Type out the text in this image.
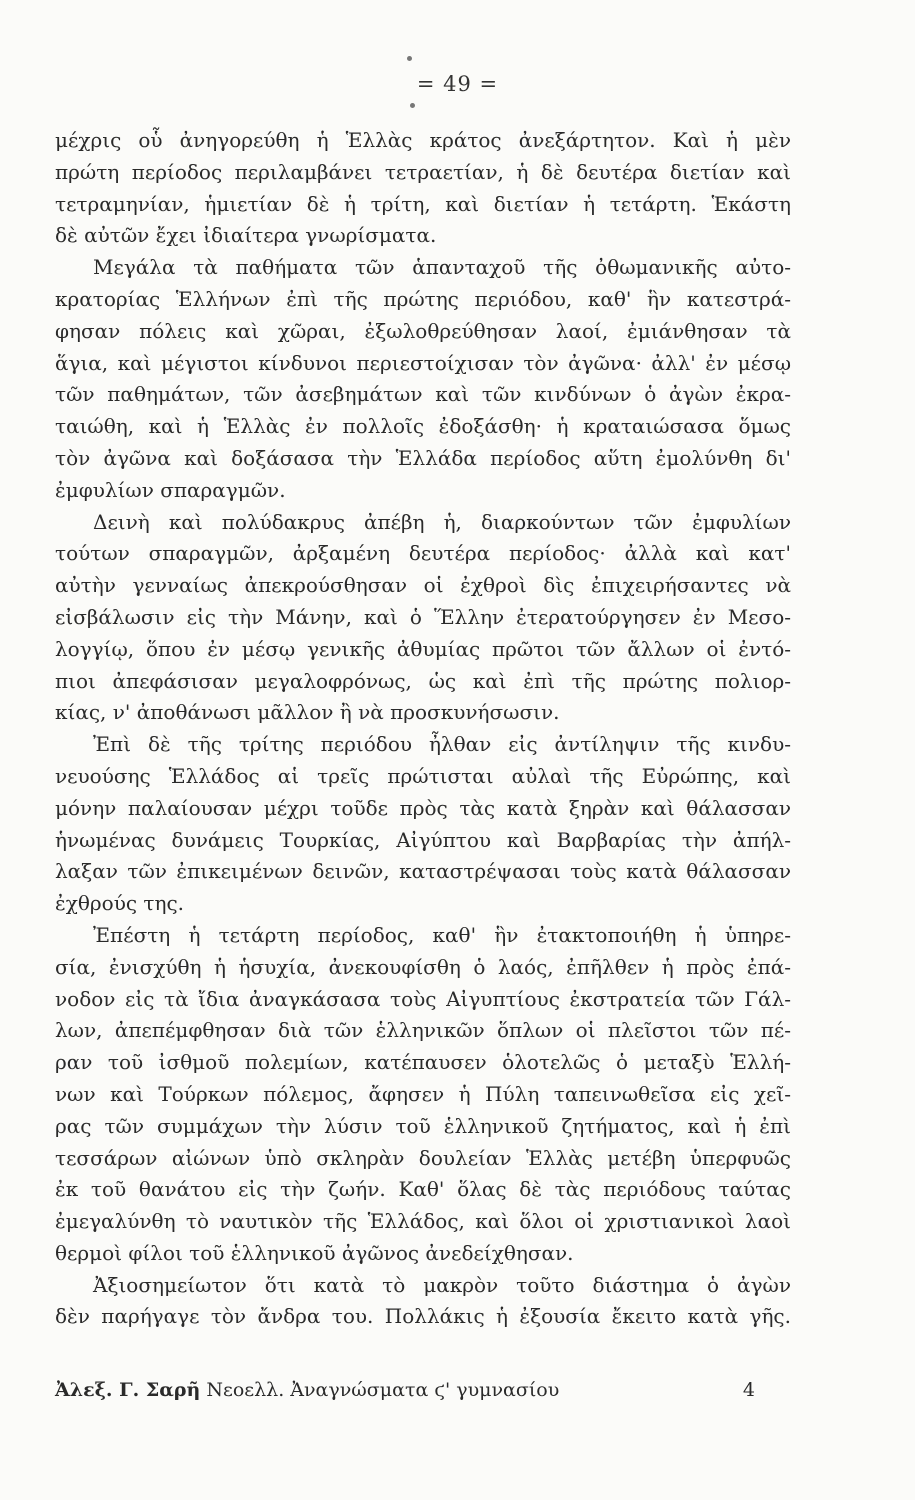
= 49 =
μέχρις οὗ ἀνηγορεύθη ἡ Ἑλλὰς κράτος ἀνεξάρτητον. Καὶ ἡ μὲν
πρώτη περίοδος περιλαμβάνει τετραετίαν, ἡ δὲ δευτέρα διετίαν καὶ
τετραμηνίαν, ἡμιετίαν δὲ ἡ τρίτη, καὶ διετίαν ἡ τετάρτη. Ἑκάστη
δὲ αὐτῶν ἔχει ἰδιαίτερα γνωρίσματα.
Μεγάλα τὰ παθήματα τῶν ἁπανταχοῦ τῆς ὀθωμανικῆς αὐτο-
κρατορίας Ἑλλήνων ἐπὶ τῆς πρώτης περιόδου, καθ' ἣν κατεστρά-
φησαν πόλεις καὶ χῶραι, ἐξωλοθρεύθησαν λαοί, ἐμιάνθησαν τὰ
ἅγια, καὶ μέγιστοι κίνδυνοι περιεστοίχισαν τὸν ἀγῶνα· ἀλλ' ἐν μέσῳ
τῶν παθημάτων, τῶν ἀσεβημάτων καὶ τῶν κινδύνων ὁ ἀγὼν ἐκρα-
ταιώθη, καὶ ἡ Ἑλλὰς ἐν πολλοῖς ἐδοξάσθη· ἡ κραταιώσασα ὅμως
τὸν ἀγῶνα καὶ δοξάσασα τὴν Ἑλλάδα περίοδος αὕτη ἐμολύνθη δι'
ἐμφυλίων σπαραγμῶν.
Δεινὴ καὶ πολύδακρυς ἀπέβη ἡ, διαρκούντων τῶν ἐμφυλίων
τούτων σπαραγμῶν, ἀρξαμένη δευτέρα περίοδος· ἀλλὰ καὶ κατ'
αὐτὴν γενναίως ἀπεκρούσθησαν οἱ ἐχθροὶ δὶς ἐπιχειρήσαντες νὰ
εἰσβάλωσιν εἰς τὴν Μάνην, καὶ ὁ Ἕλλην ἐτερατούργησεν ἐν Μεσο-
λογγίῳ, ὅπου ἐν μέσῳ γενικῆς ἀθυμίας πρῶτοι τῶν ἄλλων οἱ ἐντό-
πιοι ἀπεφάσισαν μεγαλοφρόνως, ὡς καὶ ἐπὶ τῆς πρώτης πολιορ-
κίας, ν' ἀποθάνωσι μᾶλλον ἢ νὰ προσκυνήσωσιν.
Ἐπὶ δὲ τῆς τρίτης περιόδου ἦλθαν εἰς ἀντίληψιν τῆς κινδυ-
νευούσης Ἑλλάδος αἱ τρεῖς πρώτισται αὐλαὶ τῆς Εὐρώπης, καὶ
μόνην παλαίουσαν μέχρι τοῦδε πρὸς τὰς κατὰ ξηρὰν καὶ θάλασσαν
ἡνωμένας δυνάμεις Τουρκίας, Αἰγύπτου καὶ Βαρβαρίας τὴν ἀπήλ-
λαξαν τῶν ἐπικειμένων δεινῶν, καταστρέψασαι τοὺς κατὰ θάλασσαν
ἐχθρούς της.
Ἐπέστη ἡ τετάρτη περίοδος, καθ' ἣν ἐτακτοποιήθη ἡ ὑπηρε-
σία, ἐνισχύθη ἡ ἡσυχία, ἀνεκουφίσθη ὁ λαός, ἐπῆλθεν ἡ πρὸς ἐπά-
νοδον εἰς τὰ ἴδια ἀναγκάσασα τοὺς Αἰγυπτίους ἐκστρατεία τῶν Γάλ-
λων, ἀπεπέμφθησαν διὰ τῶν ἑλληνικῶν ὅπλων οἱ πλεῖστοι τῶν πέ-
ραν τοῦ ἰσθμοῦ πολεμίων, κατέπαυσεν ὁλοτελῶς ὁ μεταξὺ Ἑλλή-
νων καὶ Τούρκων πόλεμος, ἄφησεν ἡ Πύλη ταπεινωθεῖσα εἰς χεῖ-
ρας τῶν συμμάχων τὴν λύσιν τοῦ ἑλληνικοῦ ζητήματος, καὶ ἡ ἐπὶ
τεσσάρων αἰώνων ὑπὸ σκληρὰν δουλείαν Ἑλλὰς μετέβη ὑπερφυῶς
ἐκ τοῦ θανάτου εἰς τὴν ζωήν. Καθ' ὅλας δὲ τὰς περιόδους ταύτας
ἐμεγαλύνθη τὸ ναυτικὸν τῆς Ἑλλάδος, καὶ ὅλοι οἱ χριστιανικοὶ λαοὶ
θερμοὶ φίλοι τοῦ ἑλληνικοῦ ἀγῶνος ἀνεδείχθησαν.
Ἀξιοσημείωτον ὅτι κατὰ τὸ μακρὸν τοῦτο διάστημα ὁ ἀγὼν
δὲν παρήγαγε τὸν ἄνδρα του. Πολλάκις ἡ ἐξουσία ἔκειτο κατὰ γῆς.
Ἀλεξ. Γ. Σαρῆ Νεοελλ. Ἀναγνώσματα ϛ' γυμνασίου	4
